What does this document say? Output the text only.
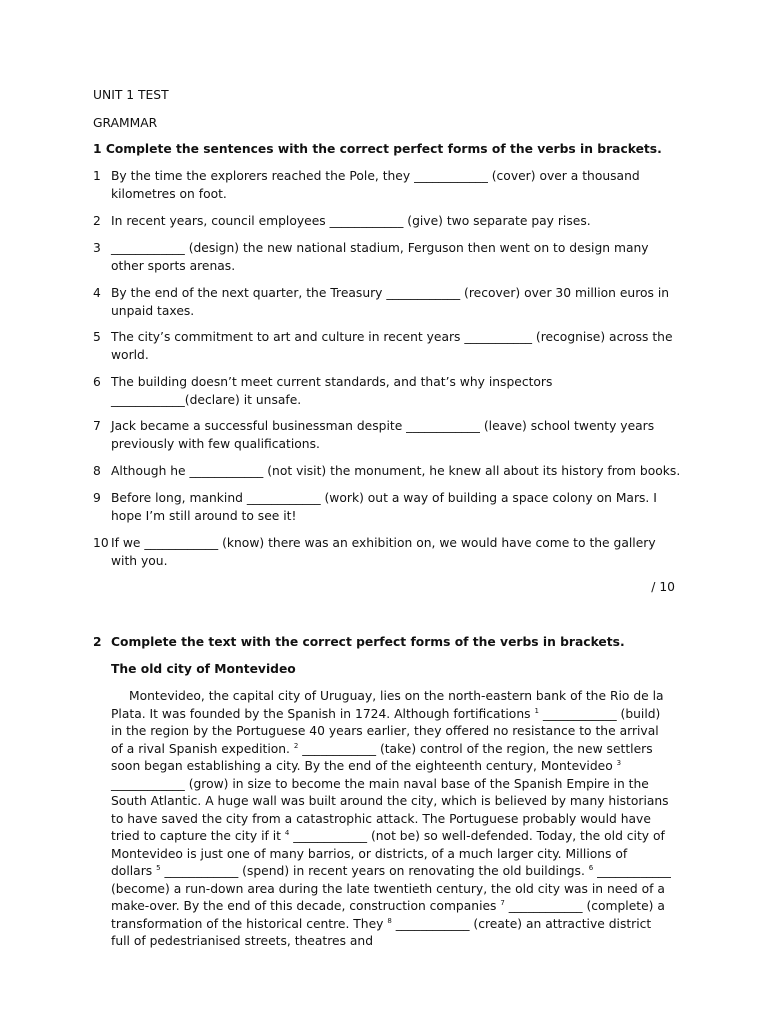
UNIT 1 TEST
GRAMMAR
1 Complete the sentences with the correct perfect forms of the verbs in brackets.
1 By the time the explorers reached the Pole, they ____________ (cover) over a thousand kilometres on foot.
2 In recent years, council employees ____________ (give) two separate pay rises.
3 ____________ (design) the new national stadium, Ferguson then went on to design many other sports arenas.
4 By the end of the next quarter, the Treasury ____________ (recover) over 30 million euros in unpaid taxes.
5 The city’s commitment to art and culture in recent years ___________ (recognise) across the world.
6 The building doesn’t meet current standards, and that’s why inspectors ____________(declare) it unsafe.
7 Jack became a successful businessman despite ____________ (leave) school twenty years previously with few qualifications.
8 Although he ____________ (not visit) the monument, he knew all about its history from books.
9 Before long, mankind ____________ (work) out a way of building a space colony on Mars. I hope I’m still around to see it!
10 If we ____________ (know) there was an exhibition on, we would have come to the gallery with you.
/ 10
2 Complete the text with the correct perfect forms of the verbs in brackets.
The old city of Montevideo
Montevideo, the capital city of Uruguay, lies on the north-eastern bank of the Rio de la Plata. It was founded by the Spanish in 1724. Although fortifications $^1$ ____________ (build) in the region by the Portuguese 40 years earlier, they offered no resistance to the arrival of a rival Spanish expedition. $^2$ ____________ (take) control of the region, the new settlers soon began establishing a city. By the end of the eighteenth century, Montevideo $^3$ ____________ (grow) in size to become the main naval base of the Spanish Empire in the South Atlantic. A huge wall was built around the city, which is believed by many historians to have saved the city from a catastrophic attack. The Portuguese probably would have tried to capture the city if it $^4$ ____________ (not be) so well-defended. Today, the old city of Montevideo is just one of many barrios, or districts, of a much larger city. Millions of dollars $^5$ ____________ (spend) in recent years on renovating the old buildings. $^6$ ____________ (become) a run-down area during the late twentieth century, the old city was in need of a make-over. By the end of this decade, construction companies $^7$ ____________ (complete) a transformation of the historical centre. They $^8$ ____________ (create) an attractive district full of pedestrianised streets, theatres and
